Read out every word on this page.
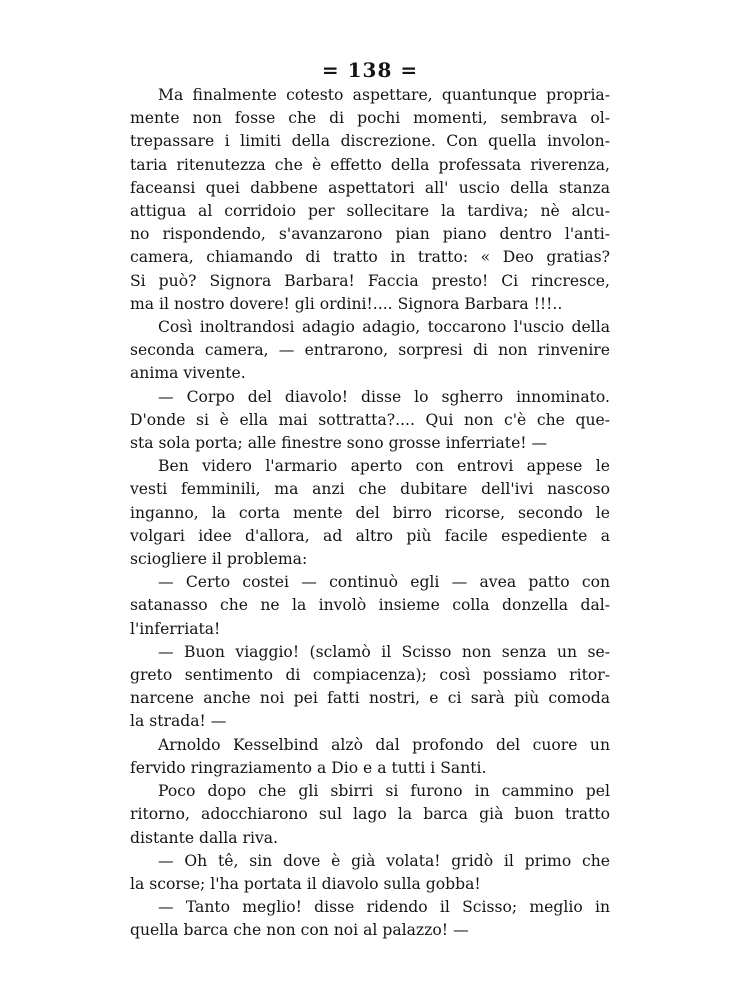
= 138 =

Ma finalmente cotesto aspettare, quantunque propria-
mente non fosse che di pochi momenti, sembrava ol-
trepassare i limiti della discrezione. Con quella involon-
taria ritenutezza che è effetto della professata riverenza,
faceansi quei dabbene aspettatori all' uscio della stanza
attigua al corridoio per sollecitare la tardiva; nè alcu-
no rispondendo, s'avanzarono pian piano dentro l'anti-
camera, chiamando di tratto in tratto: « Deo gratias?
Si può? Signora Barbara! Faccia presto! Ci rincresce,
ma il nostro dovere! gli ordini!.... Signora Barbara !!!..

Così inoltrandosi adagio adagio, toccarono l'uscio della
seconda camera, — entrarono, sorpresi di non rinvenire
anima vivente.

— Corpo del diavolo! disse lo sgherro innominato.
D'onde si è ella mai sottratta?.... Qui non c'è che que-
sta sola porta; alle finestre sono grosse inferriate! —

Ben videro l'armario aperto con entrovi appese le
vesti femminili, ma anzi che dubitare dell'ivi nascoso
inganno, la corta mente del birro ricorse, secondo le
volgari idee d'allora, ad altro più facile espediente a
sciogliere il problema:

— Certo costei — continuò egli — avea patto con
satanasso che ne la involò insieme colla donzella dal-
l'inferriata!

— Buon viaggio! (sclamò il Scisso non senza un se-
greto sentimento di compiacenza); così possiamo ritor-
narcene anche noi pei fatti nostri, e ci sarà più comoda
la strada! —

Arnoldo Kesselbind alzò dal profondo del cuore un
fervido ringraziamento a Dio e a tutti i Santi.

Poco dopo che gli sbirri si furono in cammino pel
ritorno, adocchiarono sul lago la barca già buon tratto
distante dalla riva.

— Oh tê, sin dove è già volata! gridò il primo che
la scorse; l'ha portata il diavolo sulla gobba!

— Tanto meglio! disse ridendo il Scisso; meglio in
quella barca che non con noi al palazzo! —
